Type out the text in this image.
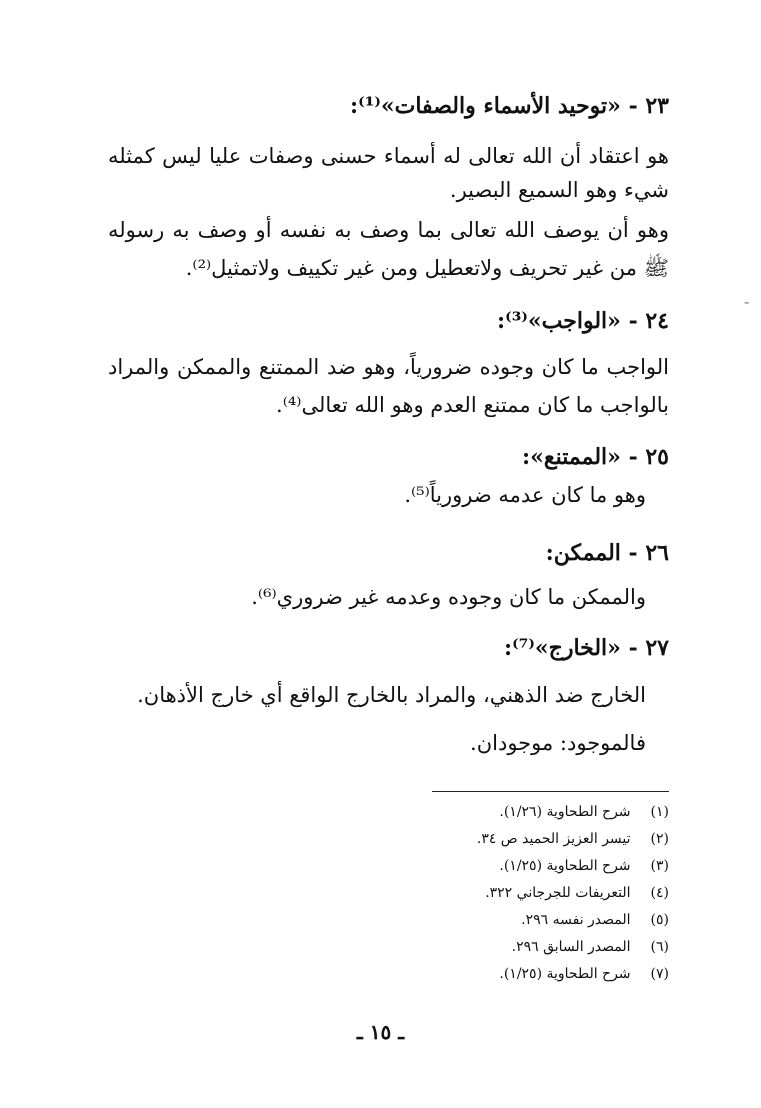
٢٣ - «توحيد الأسماء والصفات»⁽¹⁾:
هو اعتقاد أن الله تعالى له أسماء حسنى وصفات عليا ليس كمثله
شيء وهو السميع البصير.
وهو أن يوصف الله تعالى بما وصف به نفسه أو وصف به رسوله
ﷺ من غير تحريف ولاتعطيل ومن غير تكييف ولاتمثيل⁽²⁾.
-
٢٤ - «الواجب»⁽³⁾:
الواجب ما كان وجوده ضرورياً، وهو ضد الممتنع والممكن والمراد
بالواجب ما كان ممتنع العدم وهو الله تعالى⁽⁴⁾.
٢٥ - «الممتنع»:
وهو ما كان عدمه ضرورياً⁽⁵⁾.
٢٦ - الممكن:
والممكن ما كان وجوده وعدمه غير ضروري⁽⁶⁾.
٢٧ - «الخارج»⁽⁷⁾:
الخارج ضد الذهني، والمراد بالخارج الواقع أي خارج الأذهان.
فالموجود: موجودان.
(١) شرح الطحاوية (١/٢٦).
(٢) تيسر العزيز الحميد ص ٣٤.
(٣) شرح الطحاوية (١/٢٥).
(٤) التعريفات للجرجاني ٣٢٢.
(٥) المصدر نفسه ٢٩٦.
(٦) المصدر السابق ٢٩٦.
(٧) شرح الطحاوية (١/٢٥).
ـ ١٥ ـ
